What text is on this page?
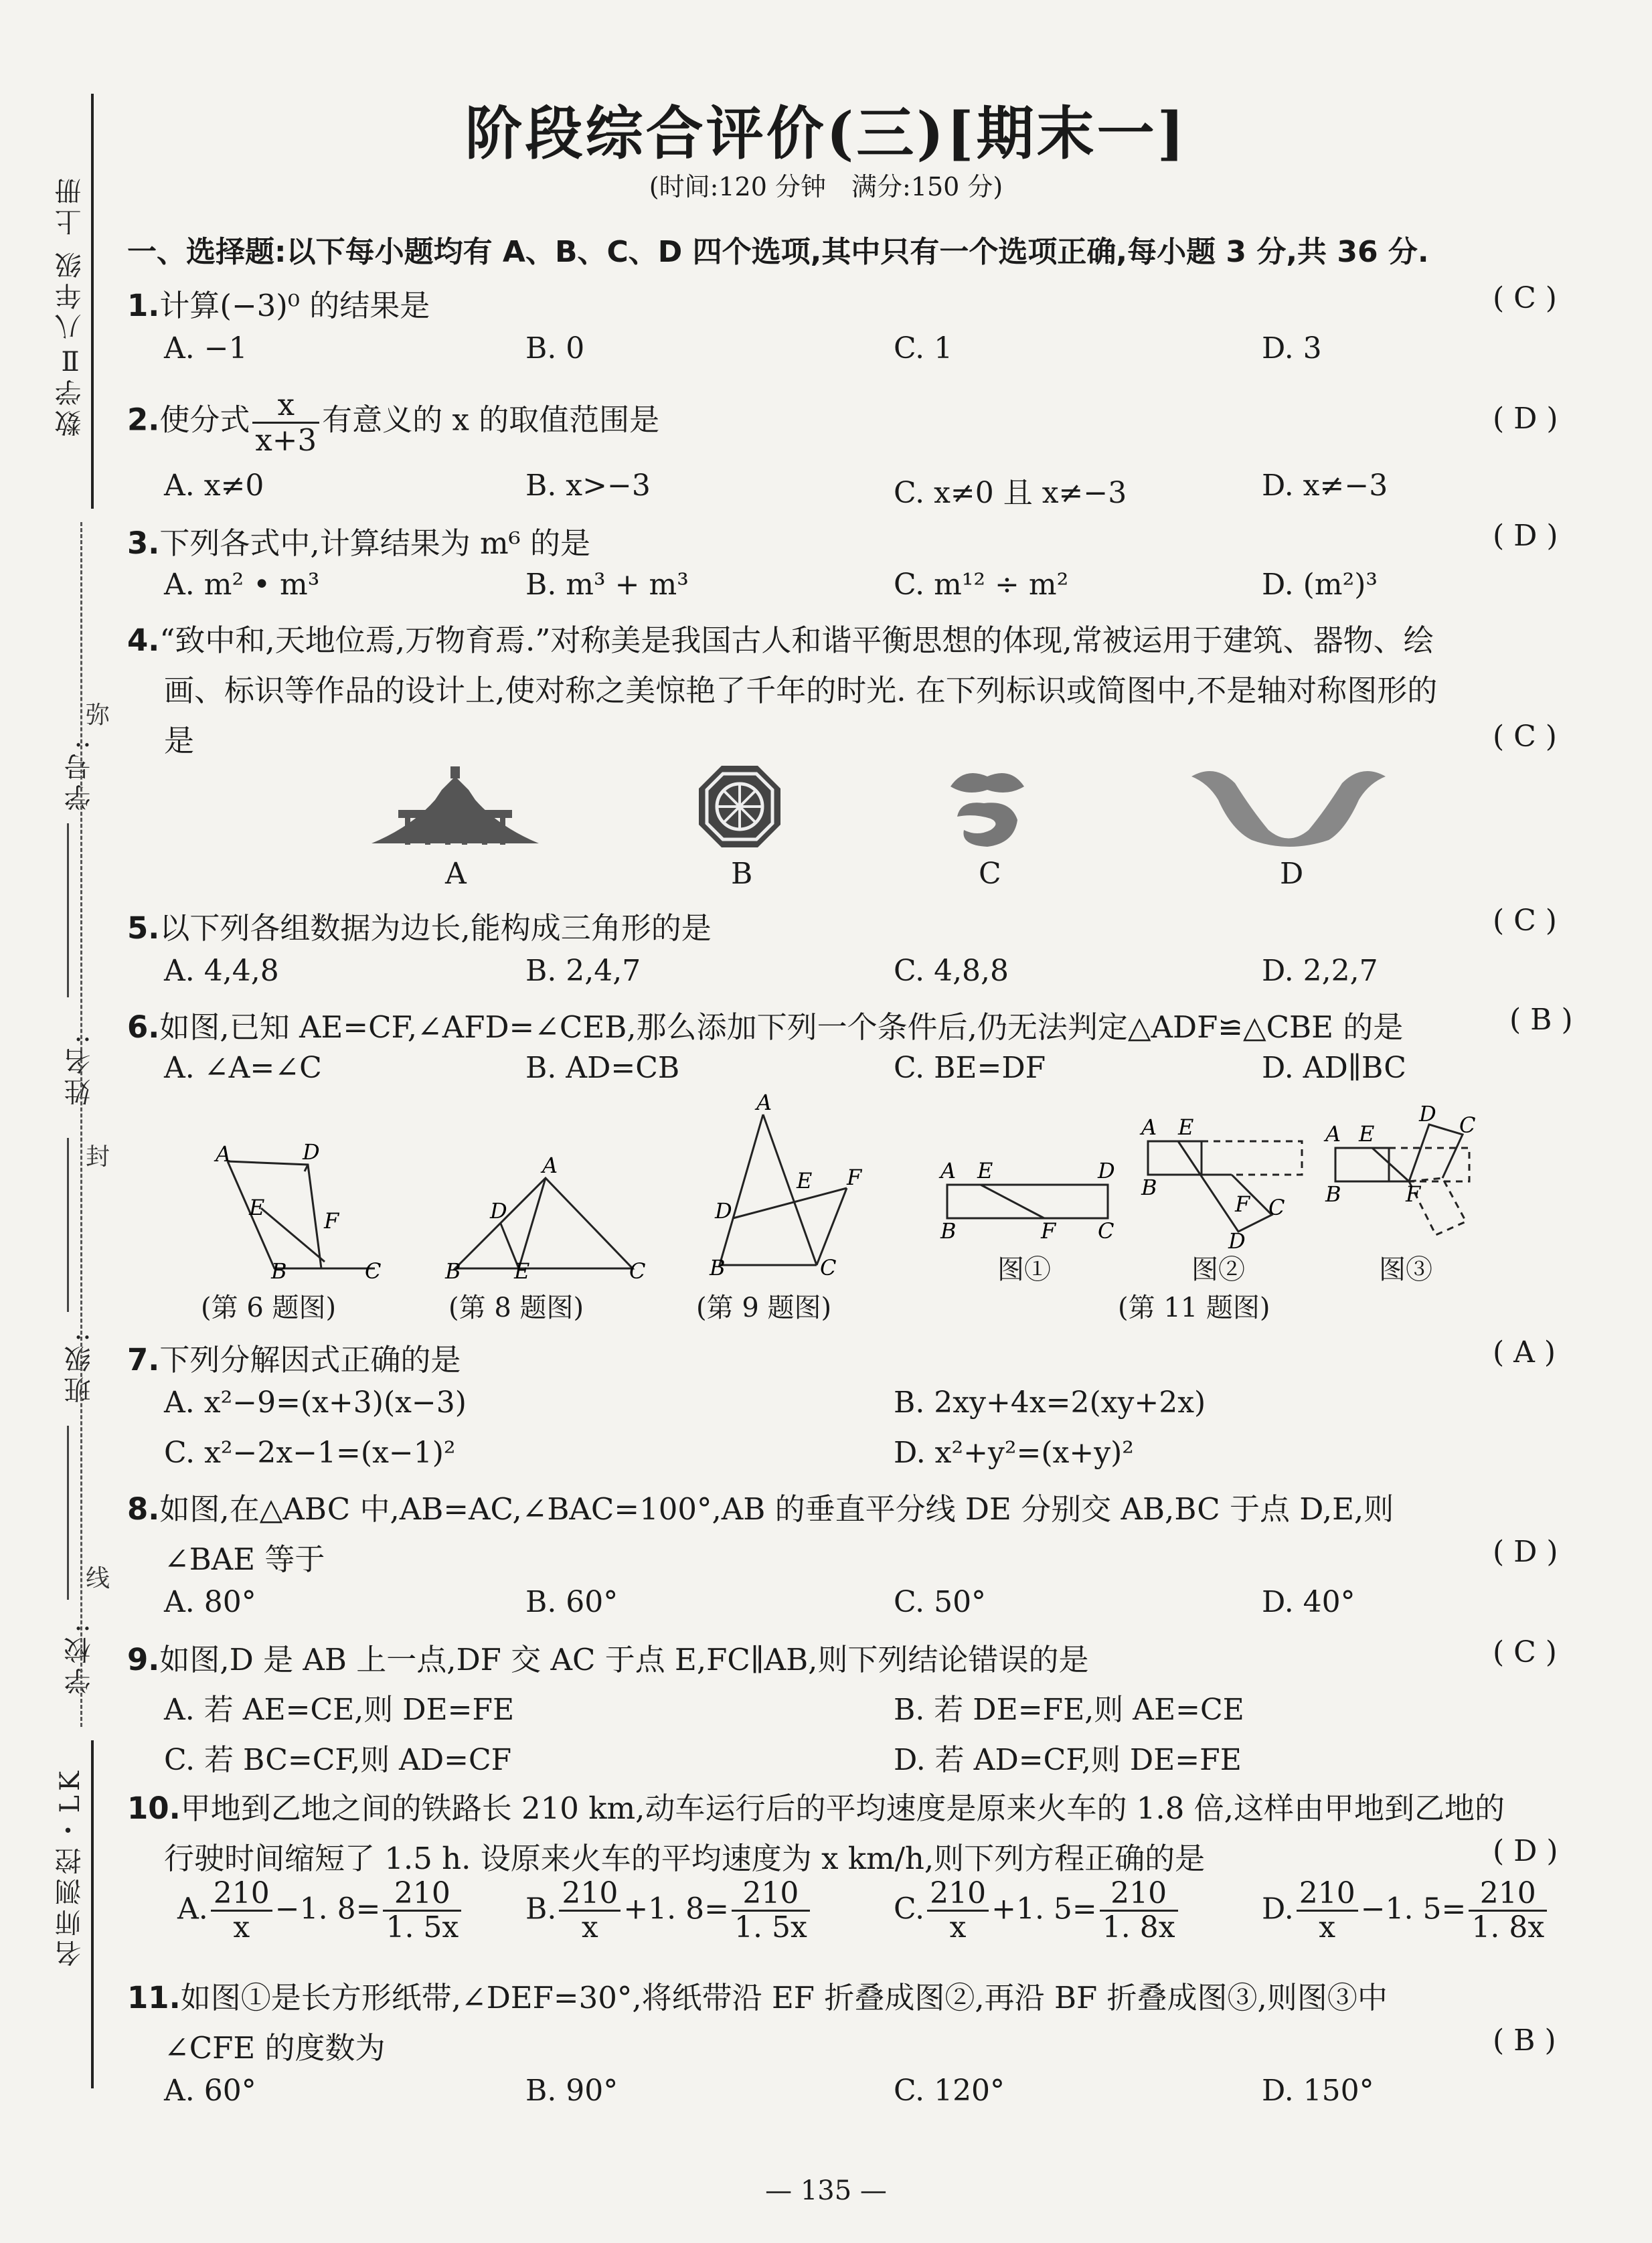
数学Ⅱ八年级 上册
名师测控・LK
学号:
姓名:
班级:
学校:
弥
封
线
阶段综合评价(三)[期末一]
(时间:120 分钟　满分:150 分)
一、选择题:以下每小题均有 A、B、C、D 四个选项,其中只有一个选项正确,每小题 3 分,共 36 分.
1.计算(−3)⁰ 的结果是	( C )
A. −1	B. 0	C. 1	D. 3
2.使分式 $\frac{x}{x+3}$ 有意义的 x 的取值范围是	( D )
A. x≠0	B. x>−3	C. x≠0 且 x≠−3	D. x≠−3
3.下列各式中,计算结果为 m⁶ 的是	( D )
A. m² • m³	B. m³ + m³	C. m¹² ÷ m²	D. (m²)³
4.“致中和,天地位焉,万物育焉.”对称美是我国古人和谐平衡思想的体现,常被运用于建筑、器物、绘
画、标识等作品的设计上,使对称之美惊艳了千年的时光. 在下列标识或简图中,不是轴对称图形的
是	( C )
A	B	C	D
5.以下列各组数据为边长,能构成三角形的是	( C )
A. 4,4,8	B. 2,4,7	C. 4,8,8	D. 2,2,7
6.如图,已知 AE=CF,∠AFD=∠CEB,那么添加下列一个条件后,仍无法判定△ADF≌△CBE 的是	( B )
A. ∠A=∠C	B. AD=CB	C. BE=DF	D. AD∥BC
A	D
E
F
B	C
A
D
B E	C
A
D
E F
B	C
A E	D
B	F C
A E
B
F C
D
A E
D C
B	F
(第 6 题图)	(第 8 题图)	(第 9 题图)
图①	图②	图③
(第 11 题图)
7.下列分解因式正确的是	( A )
A. x²−9=(x+3)(x−3)	B. 2xy+4x=2(xy+2x)
C. x²−2x−1=(x−1)²	D. x²+y²=(x+y)²
8.如图,在△ABC 中,AB=AC,∠BAC=100°,AB 的垂直平分线 DE 分别交 AB,BC 于点 D,E,则
∠BAE 等于	( D )
A. 80°	B. 60°	C. 50°	D. 40°
9.如图,D 是 AB 上一点,DF 交 AC 于点 E,FC∥AB,则下列结论错误的是	( C )
A. 若 AE=CE,则 DE=FE	B. 若 DE=FE,则 AE=CE
C. 若 BC=CF,则 AD=CF	D. 若 AD=CF,则 DE=FE
10.甲地到乙地之间的铁路长 210 km,动车运行后的平均速度是原来火车的 1.8 倍,这样由甲地到乙地的
行驶时间缩短了 1.5 h. 设原来火车的平均速度为 x km/h,则下列方程正确的是	( D )
A. $\frac{210}{x} -1$. $8= \frac{210}{1. 5x} B$. $\frac{210}{x} +1$. $8= \frac{210}{1. 5x}$	C. $\frac{210}{x} +1$. $5= \frac{210}{1. 8x}$	D. $\frac{210}{x} -1$. $5= \frac{210}{1. 8x}$
11.如图①是长方形纸带,∠DEF=30°,将纸带沿 EF 折叠成图②,再沿 BF 折叠成图③,则图③中
∠CFE 的度数为	( B )
A. 60°	B. 90°	C. 120°	D. 150°
— 135 —
